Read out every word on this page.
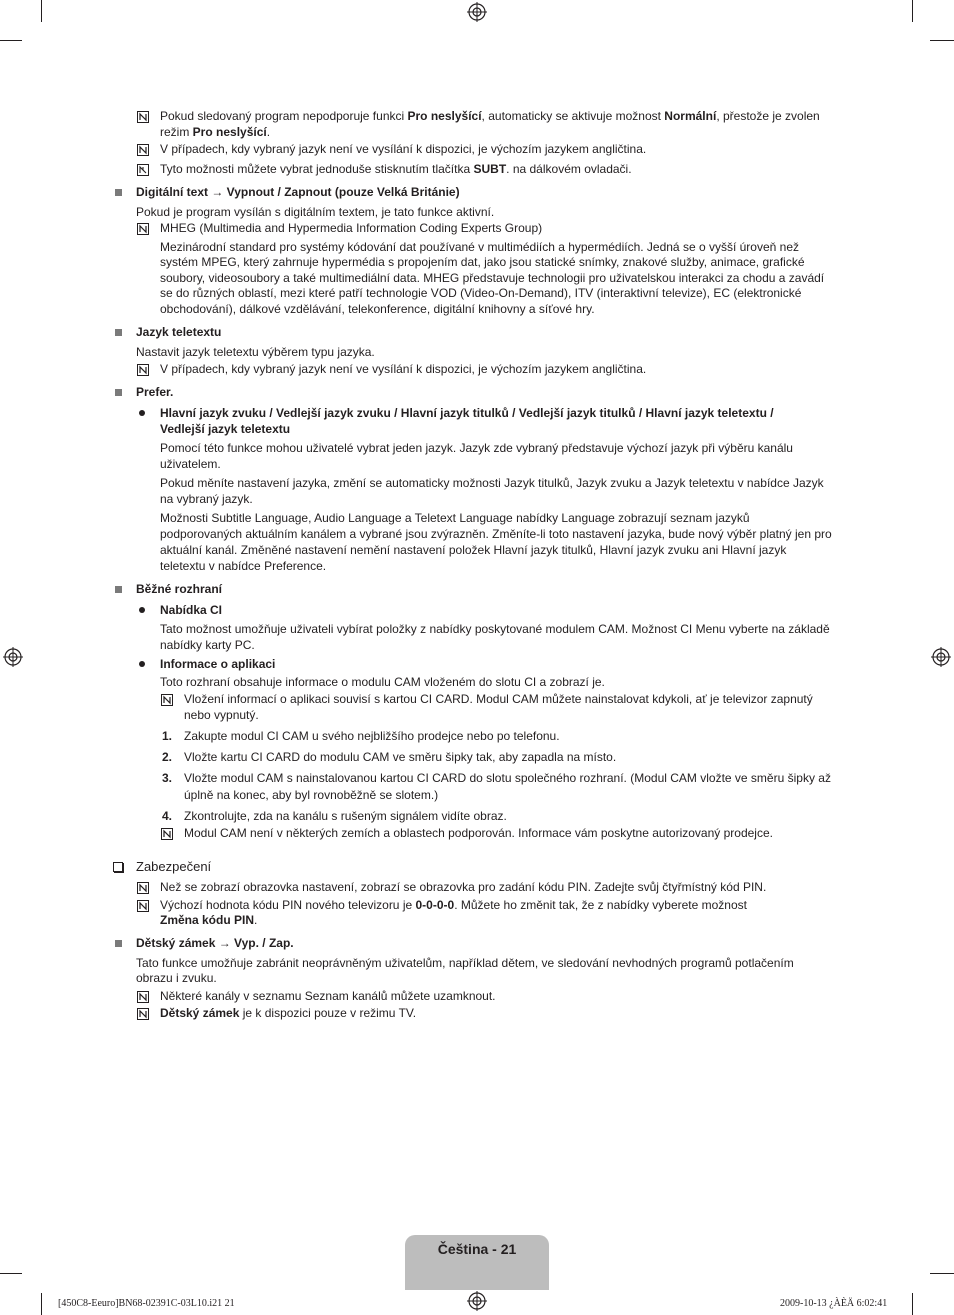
Pokud sledovaný program nepodporuje funkci Pro neslyšící, automaticky se aktivuje možnost Normální, přestože je zvolen
režim Pro neslyšící.
V případech, kdy vybraný jazyk není ve vysílání k dispozici, je výchozím jazykem angličtina.
Tyto možnosti můžete vybrat jednoduše stisknutím tlačítka SUBT. na dálkovém ovladači.
Digitální text → Vypnout / Zapnout (pouze Velká Británie)
Pokud je program vysílán s digitálním textem, je tato funkce aktivní.
MHEG (Multimedia and Hypermedia Information Coding Experts Group)
Mezinárodní standard pro systémy kódování dat používané v multimédiích a hypermédiích. Jedná se o vyšší úroveň než
systém MPEG, který zahrnuje hypermédia s propojením dat, jako jsou statické snímky, znakové služby, animace, grafické
soubory, videosoubory a také multimediální data. MHEG představuje technologii pro uživatelskou interakci za chodu a zavádí
se do různých oblastí, mezi které patří technologie VOD (Video-On-Demand), ITV (interaktivní televize), EC (elektronické
obchodování), dálkové vzdělávání, telekonference, digitální knihovny a síťové hry.
Jazyk teletextu
Nastavit jazyk teletextu výběrem typu jazyka.
V případech, kdy vybraný jazyk není ve vysílání k dispozici, je výchozím jazykem angličtina.
Prefer.
Hlavní jazyk zvuku / Vedlejší jazyk zvuku / Hlavní jazyk titulků / Vedlejší jazyk titulků / Hlavní jazyk teletextu /
Vedlejší jazyk teletextu
Pomocí této funkce mohou uživatelé vybrat jeden jazyk. Jazyk zde vybraný představuje výchozí jazyk při výběru kanálu
uživatelem.
Pokud měníte nastavení jazyka, změní se automaticky možnosti Jazyk titulků, Jazyk zvuku a Jazyk teletextu v nabídce Jazyk
na vybraný jazyk.
Možnosti Subtitle Language, Audio Language a Teletext Language nabídky Language zobrazují seznam jazyků
podporovaných aktuálním kanálem a vybrané jsou zvýrazněn. Změníte-li toto nastavení jazyka, bude nový výběr platný jen pro
aktuální kanál. Změněné nastavení nemění nastavení položek Hlavní jazyk titulků, Hlavní jazyk zvuku ani Hlavní jazyk
teletextu v nabídce Preference.
Běžné rozhraní
Nabídka CI
Tato možnost umožňuje uživateli vybírat položky z nabídky poskytované modulem CAM. Možnost CI Menu vyberte na základě
nabídky karty PC.
Informace o aplikaci
Toto rozhraní obsahuje informace o modulu CAM vloženém do slotu CI a zobrazí je.
Vložení informací o aplikaci souvisí s kartou CI CARD. Modul CAM můžete nainstalovat kdykoli, ať je televizor zapnutý
nebo vypnutý.
1. Zakupte modul CI CAM u svého nejbližšího prodejce nebo po telefonu.
2. Vložte kartu CI CARD do modulu CAM ve směru šipky tak, aby zapadla na místo.
3. Vložte modul CAM s nainstalovanou kartou CI CARD do slotu společného rozhraní. (Modul CAM vložte ve směru šipky až
úplně na konec, aby byl rovnoběžně se slotem.)
4. Zkontrolujte, zda na kanálu s rušeným signálem vidíte obraz.
Modul CAM není v některých zemích a oblastech podporován. Informace vám poskytne autorizovaný prodejce.
Zabezpečení
Než se zobrazí obrazovka nastavení, zobrazí se obrazovka pro zadání kódu PIN. Zadejte svůj čtyřmístný kód PIN.
Výchozí hodnota kódu PIN nového televizoru je 0-0-0-0. Můžete ho změnit tak, že z nabídky vyberete možnost
Změna kódu PIN.
Dětský zámek → Vyp. / Zap.
Tato funkce umožňuje zabránit neoprávněným uživatelům, například dětem, ve sledování nevhodných programů potlačením
obrazu i zvuku.
Některé kanály v seznamu Seznam kanálů můžete uzamknout.
Dětský zámek je k dispozici pouze v režimu TV.
Čeština - 21
[450C8-Eeuro]BN68-02391C-03L10.i21 21	2009-10-13 ¿ÀÈÄ 6:02:41
